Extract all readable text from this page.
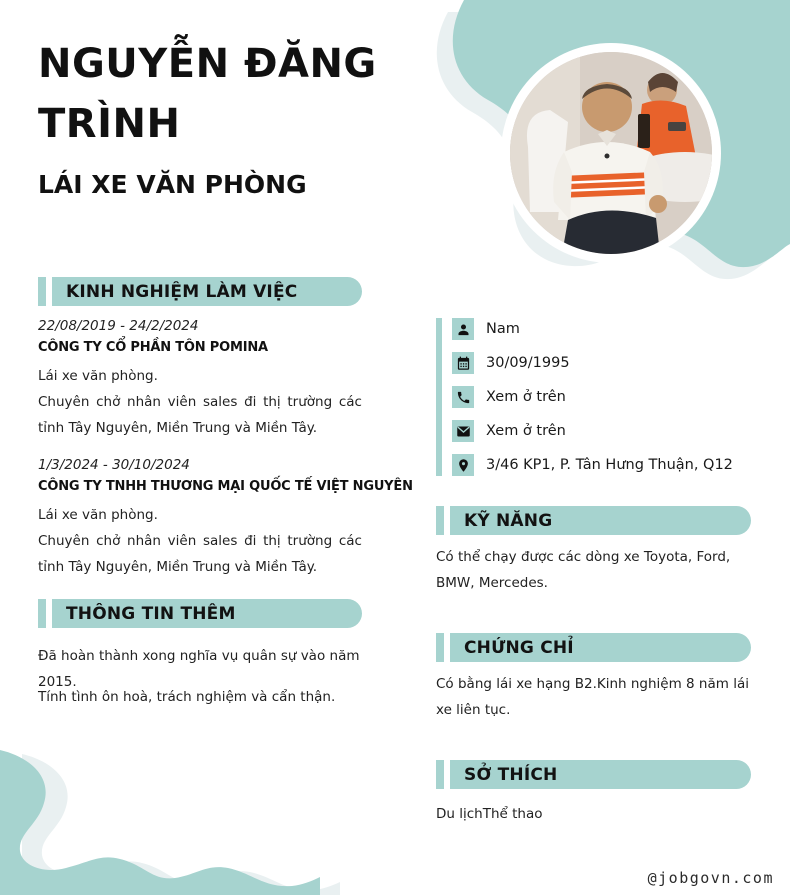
NGUYỄN ĐĂNG
TRÌNH
LÁI XE VĂN PHÒNG
KINH NGHIỆM LÀM VIỆC
22/08/2019 - 24/2/2024
CÔNG TY CỔ PHẦN TÔN POMINA

Lái xe văn phòng.

Chuyên chở nhân viên sales đi thị trường các tỉnh Tây Nguyên, Miền Trung và Miền Tây.

1/3/2024 - 30/10/2024
CÔNG TY TNHH THƯƠNG MẠI QUỐC TẾ VIỆT NGUYÊN

Lái xe văn phòng.

Chuyên chở nhân viên sales đi thị trường các tỉnh Tây Nguyên, Miền Trung và Miền Tây.

THÔNG TIN THÊM

Đã hoàn thành xong nghĩa vụ quân sự vào năm 2015.

Tính tình ôn hoà, trách nghiệm và cẩn thận.

Nam
30/09/1995
Xem ở trên
Xem ở trên
3/46 KP1, P. Tân Hưng Thuận, Q12
KỸ NĂNG

Có thể chạy được các dòng xe Toyota, Ford, BMW, Mercedes.

CHỨNG CHỈ

Có bằng lái xe hạng B2.Kinh nghiệm 8 năm lái xe liên tục.

SỞ THÍCH

Du lịchThể thao

@jobgovn.com
